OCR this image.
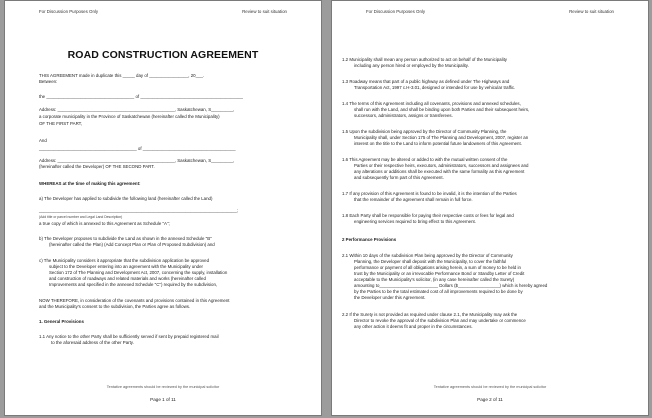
For Discussion Purposes Only	Review to suit situation
ROAD CONSTRUCTION AGREEMENT
THIS AGREEMENT made in duplicate this _____ day of ________________, 20___.
Between:
the ____________________________________ of __________________________________________
Address: ________________________________________________, Saskatchewan, S_________,
a corporate municipality in the Province of Saskatchewan (hereinafter called the Municipality)
OF THE FIRST PART,
And
________________________________________ of ______________________________________
Address: ________________________________________________, Saskatchewan, S_________,
(hereinafter called the Developer) OF THE SECOND PART.
WHEREAS at the time of making this agreement:
a) The Developer has applied to subdivide the following land (hereinafter called the Land)
_________________________________________________________________________________;
(Add title or parcel number and Legal Land Description)
a true copy of which is annexed to this Agreement as Schedule "A";
b) The Developer proposes to subdivide the Land as shown in the annexed Schedule "B"
(hereinafter called the Plan) (Add Concept Plan or Plan of Proposed Subdivision) and
c) The Municipality considers it appropriate that the subdivision application be approved
subject to the Developer entering into an agreement with the Municipality under
Section 172 of The Planning and Development Act, 2007, concerning the supply, installation
and construction of roadways and related materials and works (hereinafter called
Improvements and specified in the annexed Schedule "C") required by the subdivision,
NOW THEREFORE, in consideration of the covenants and provisions contained in this Agreement
and the Municipality's consent to the subdivision, the Parties agree as follows.
1. General Provisions
1.1 Any notice to the other Party shall be sufficiently served if sent by prepaid registered mail
to the aforesaid address of the other Party.
Tentative agreements should be reviewed by the municipal solicitor
Page 1 of 11
For Discussion Purposes Only	Review to suit situation
1.2 Municipality shall mean any person authorized to act on behalf of the Municipality
including any person hired or employed by the Municipality.
1.3 Roadway means that part of a public highway as defined under The Highways and
Transportation Act, 1997 c.H-3.01, designed or intended for use by vehicular traffic.
1.4 The terms of this Agreement including all covenants, provisions and annexed schedules,
shall run with the Land, and shall be binding upon both Parties and their subsequent heirs,
successors, administrators, assigns or transferees.
1.5 Upon the subdivision being approved by the Director of Community Planning, the
Municipality shall, under Section 175 of The Planning and Development, 2007, register an
interest on the title to the Land to inform potential future landowners of this Agreement.
1.6 This Agreement may be altered or added to with the mutual written consent of the
Parties or their respective heirs, executors, administrators, successors and assignees and
any alterations or additions shall be executed with the same formality as this Agreement
and subsequently form part of this Agreement.
1.7 If any provision of this Agreement is found to be invalid, it is the intention of the Parties
that the remainder of the agreement shall remain in full force.
1.8 Each Party shall be responsible for paying their respective costs or fees for legal and
engineering services required to bring effect to this Agreement.
2 Performance Provisions
2.1 Within 10 days of the subdivision Plan being approved by the Director of Community
Planning, the Developer shall deposit with the Municipality, to cover the faithful
performance or payment of all obligations arising herein, a sum of money to be held in
trust by the Municipality or an irrevocable Performance Bond or Standby Letter of Credit
acceptable to the Municipality's solicitor, (in any case hereinafter called the Surety)
amounting to________________________ Dollars ($_________________) which is hereby agreed
by the Parties to be the total estimated cost of all improvements required to be done by
the Developer under this Agreement.
2.2 If the Surety is not provided as required under clause 2.1, the Municipality may ask the
Director to revoke the approval of the subdivision Plan and may undertake or commence
any other action it deems fit and proper in the circumstances.
Tentative agreements should be reviewed by the municipal solicitor
Page 2 of 11
